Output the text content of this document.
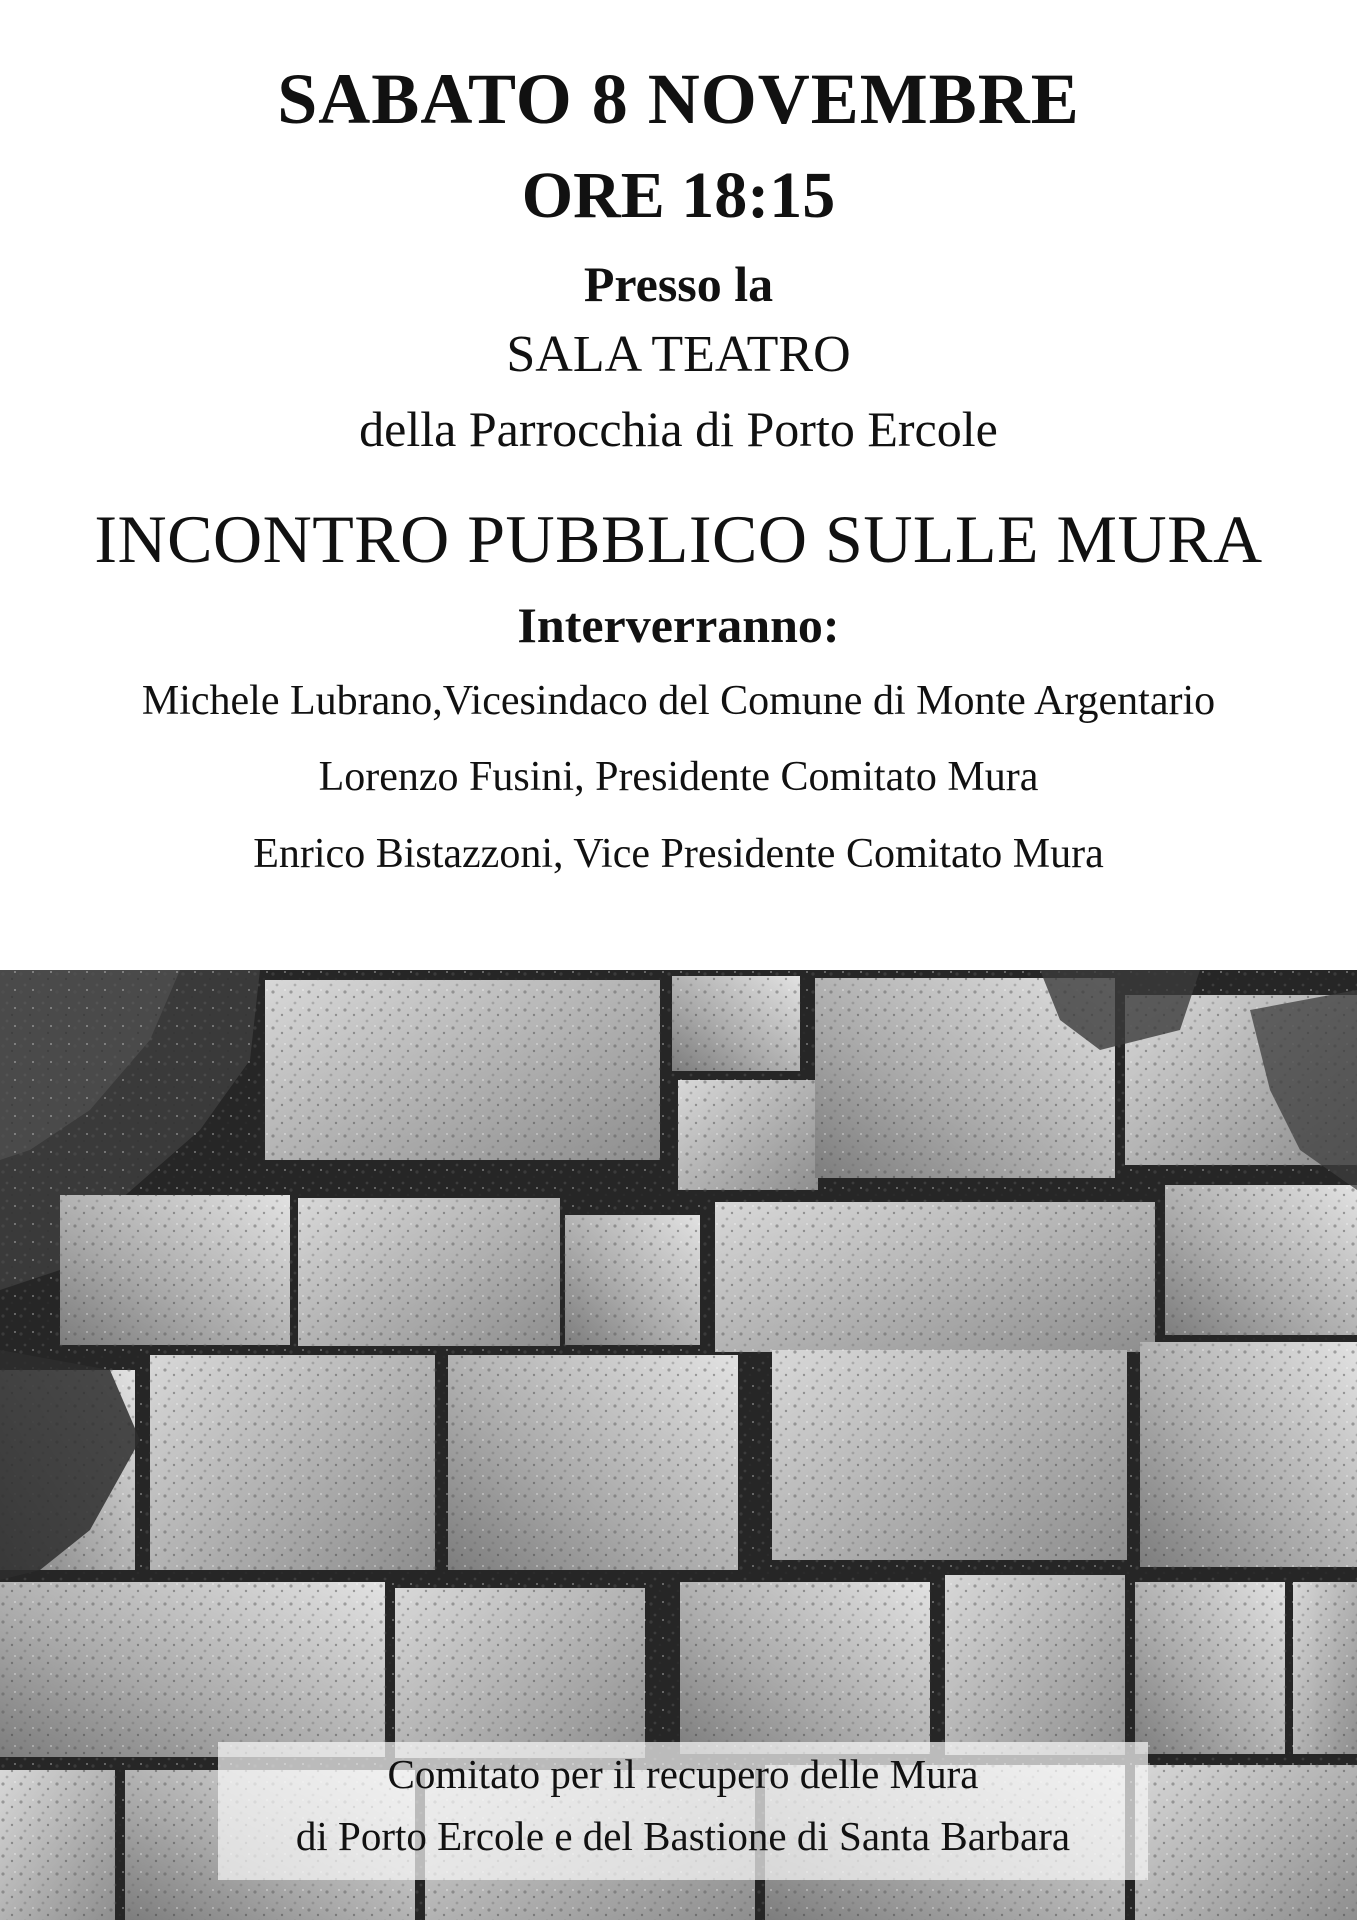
SABATO 8 NOVEMBRE
ORE 18:15
Presso la
SALA TEATRO
della Parrocchia di Porto Ercole
INCONTRO PUBBLICO SULLE MURA
Interverranno:
Michele Lubrano,Vicesindaco del Comune di Monte Argentario
Lorenzo Fusini, Presidente Comitato Mura
Enrico Bistazzoni, Vice Presidente Comitato Mura
Comitato per il recupero delle Mura
di Porto Ercole e del Bastione di Santa Barbara
